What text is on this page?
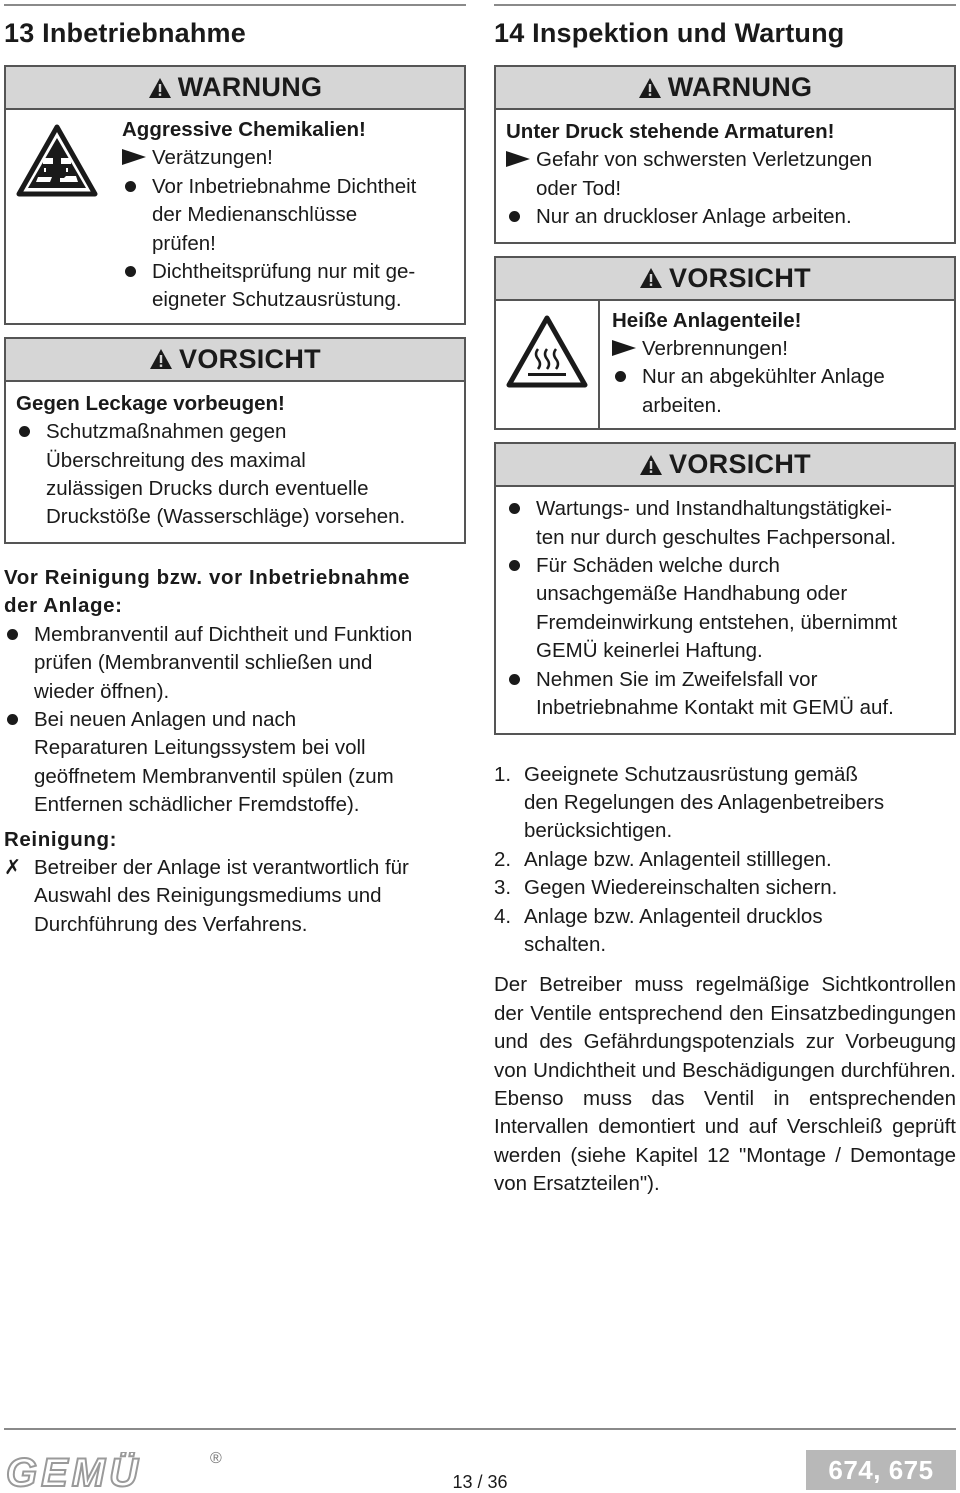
13 Inbetriebnahme
WARNUNG
Aggressive Chemikalien!
Verätzungen!
Vor Inbetriebnahme Dichtheit
der Medienanschlüsse
prüfen!
Dichtheitsprüfung nur mit ge-
eigneter Schutzausrüstung.
VORSICHT
Gegen Leckage vorbeugen!
Schutzmaßnahmen gegen
Überschreitung des maximal
zulässigen Drucks durch eventuelle
Druckstöße (Wasserschläge) vorsehen.
Vor Reinigung bzw. vor Inbetriebnahme
der Anlage:
Membranventil auf Dichtheit und Funktion
prüfen (Membranventil schließen und
wieder öffnen).
Bei neuen Anlagen und nach
Reparaturen Leitungssystem bei voll
geöffnetem Membranventil spülen (zum
Entfernen schädlicher Fremdstoffe).
Reinigung:
✗ Betreiber der Anlage ist verantwortlich für
Auswahl des Reinigungsmediums und
Durchführung des Verfahrens.
14 Inspektion und Wartung
WARNUNG
Unter Druck stehende Armaturen!
Gefahr von schwersten Verletzungen
oder Tod!
Nur an druckloser Anlage arbeiten.
VORSICHT
Heiße Anlagenteile!
Verbrennungen!
Nur an abgekühlter Anlage
arbeiten.
VORSICHT
Wartungs- und Instandhaltungstätigkei-
ten nur durch geschultes Fachpersonal.
Für Schäden welche durch
unsachgemäße Handhabung oder
Fremdeinwirkung entstehen, übernimmt
GEMÜ keinerlei Haftung.
Nehmen Sie im Zweifelsfall vor
Inbetriebnahme Kontakt mit GEMÜ auf.
1. Geeignete Schutzausrüstung gemäß
den Regelungen des Anlagenbetreibers
berücksichtigen.
2. Anlage bzw. Anlagenteil stilllegen.
3. Gegen Wiedereinschalten sichern.
4. Anlage bzw. Anlagenteil drucklos
schalten.
Der Betreiber muss regelmäßige Sichtkontrollen der Ventile entsprechend den Einsatzbedingungen und des Gefährdungspotenzials zur Vorbeugung von Undichtheit und Beschädigungen durchführen. Ebenso muss das Ventil in entsprechenden Intervallen demontiert und auf Verschleiß geprüft werden (siehe Kapitel 12 "Montage / Demontage von Ersatzteilen").
GEMÜ	®
13 / 36	674, 675
